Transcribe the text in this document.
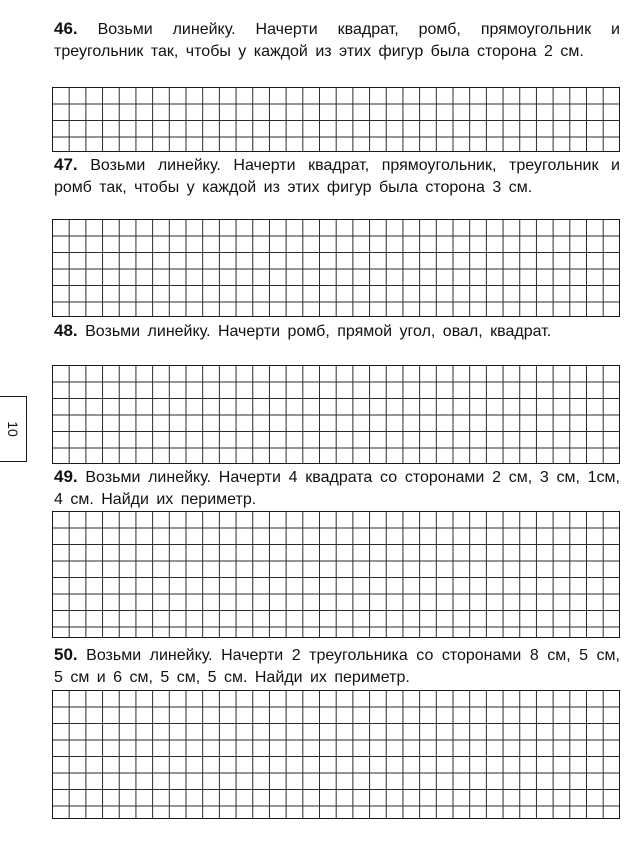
10
46. Возьми линейку. Начерти квадрат, ромб, прямоугольник и треугольник так, чтобы у каждой из этих фигур была сторона 2 см.
47. Возьми линейку. Начерти квадрат, прямоугольник, треугольник и ромб так, чтобы у каждой из этих фигур была сторона 3 см.
48. Возьми линейку. Начерти ромб, прямой угол, овал, квадрат.
49. Возьми линейку. Начерти 4 квадрата со сторонами 2 см, 3 см, 1см, 4 см. Найди их периметр.
50. Возьми линейку. Начерти 2 треугольника со сторонами 8 см, 5 см, 5 см и 6 см, 5 см, 5 см. Найди их периметр.
